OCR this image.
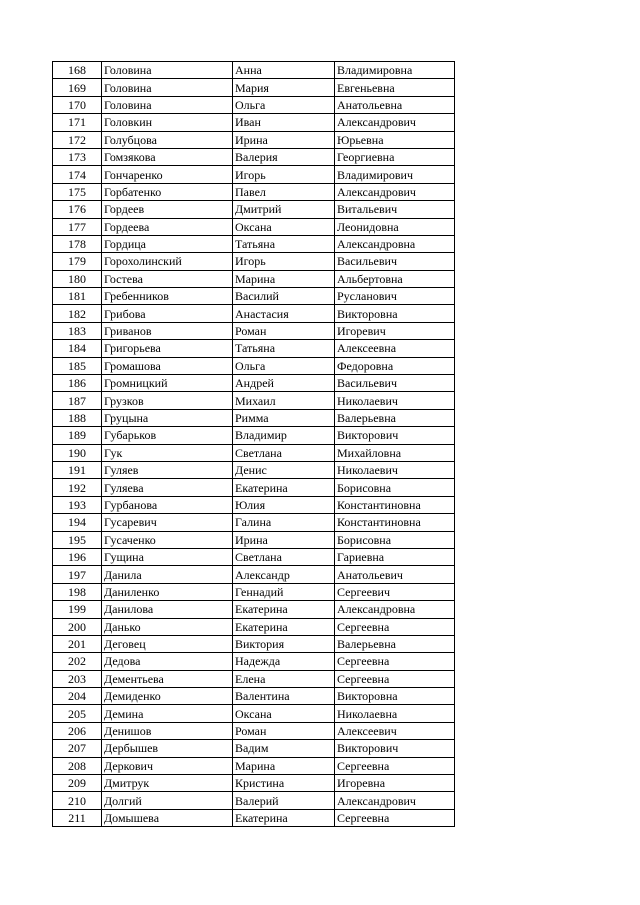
168	Головина	Анна	Владимировна
169	Головина	Мария	Евгеньевна
170	Головина	Ольга	Анатольевна
171	Головкин	Иван	Александрович
172	Голубцова	Ирина	Юрьевна
173	Гомзякова	Валерия	Георгиевна
174	Гончаренко	Игорь	Владимирович
175	Горбатенко	Павел	Александрович
176	Гордеев	Дмитрий	Витальевич
177	Гордеева	Оксана	Леонидовна
178	Гордица	Татьяна	Александровна
179	Горохолинский	Игорь	Васильевич
180	Гостева	Марина	Альбертовна
181	Гребенников	Василий	Русланович
182	Грибова	Анастасия	Викторовна
183	Гриванов	Роман	Игоревич
184	Григорьева	Татьяна	Алексеевна
185	Громашова	Ольга	Федоровна
186	Громницкий	Андрей	Васильевич
187	Грузков	Михаил	Николаевич
188	Груцына	Римма	Валерьевна
189	Губарьков	Владимир	Викторович
190	Гук	Светлана	Михайловна
191	Гуляев	Денис	Николаевич
192	Гуляева	Екатерина	Борисовна
193	Гурбанова	Юлия	Константиновна
194	Гусаревич	Галина	Константиновна
195	Гусаченко	Ирина	Борисовна
196	Гущина	Светлана	Гариевна
197	Данила	Александр	Анатольевич
198	Даниленко	Геннадий	Сергеевич
199	Данилова	Екатерина	Александровна
200	Данько	Екатерина	Сергеевна
201	Деговец	Виктория	Валерьевна
202	Дедова	Надежда	Сергеевна
203	Дементьева	Елена	Сергеевна
204	Демиденко	Валентина	Викторовна
205	Демина	Оксана	Николаевна
206	Денишов	Роман	Алексеевич
207	Дербышев	Вадим	Викторович
208	Деркович	Марина	Сергеевна
209	Дмитрук	Кристина	Игоревна
210	Долгий	Валерий	Александрович
211	Домышева	Екатерина	Сергеевна
